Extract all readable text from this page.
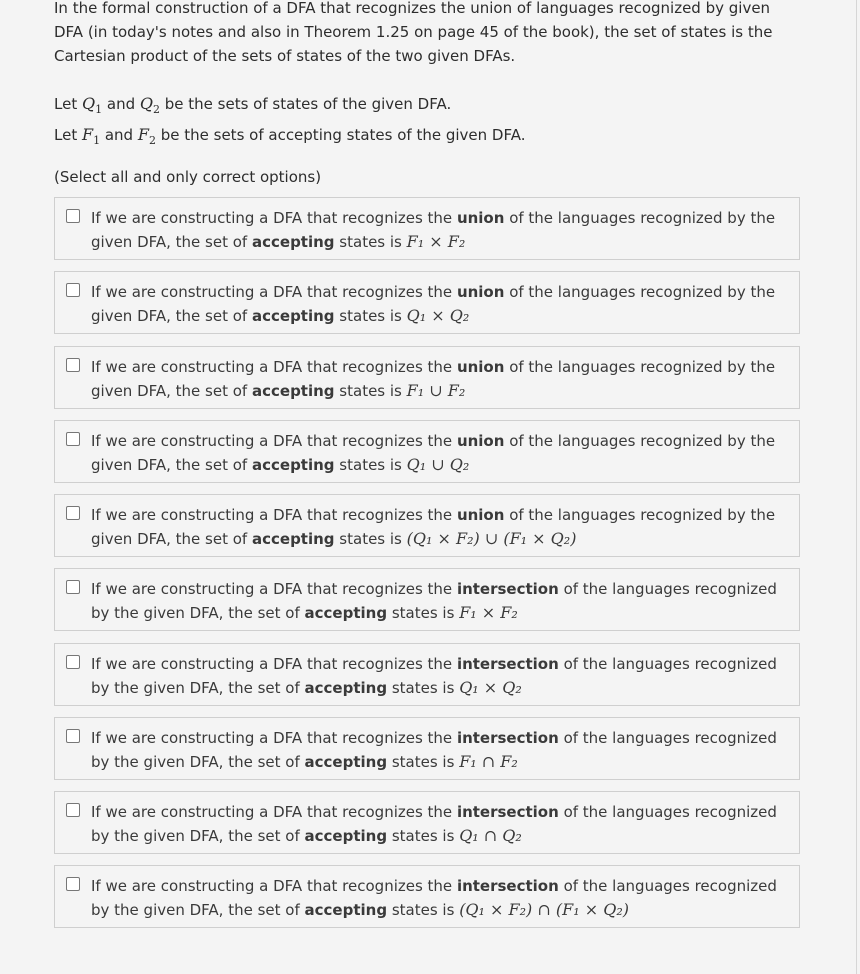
In the formal construction of a DFA that recognizes the union of languages recognized by given DFA (in today's notes and also in Theorem 1.25 on page 45 of the book), the set of states is the Cartesian product of the sets of states of the two given DFAs.

Let $Q_1$ and $Q_2$ be the sets of states of the given DFA.

Let $F_1$ and $F_2$ be the sets of accepting states of the given DFA.

(Select all and only correct options)
If we are constructing a DFA that recognizes the union of the languages recognized by the given DFA, the set of accepting states is F₁ × F₂
If we are constructing a DFA that recognizes the union of the languages recognized by the given DFA, the set of accepting states is Q₁ × Q₂
If we are constructing a DFA that recognizes the union of the languages recognized by the given DFA, the set of accepting states is F₁ ∪ F₂
If we are constructing a DFA that recognizes the union of the languages recognized by the given DFA, the set of accepting states is Q₁ ∪ Q₂
If we are constructing a DFA that recognizes the union of the languages recognized by the given DFA, the set of accepting states is (Q₁ × F₂) ∪ (F₁ × Q₂)
If we are constructing a DFA that recognizes the intersection of the languages recognized by the given DFA, the set of accepting states is F₁ × F₂
If we are constructing a DFA that recognizes the intersection of the languages recognized by the given DFA, the set of accepting states is Q₁ × Q₂
If we are constructing a DFA that recognizes the intersection of the languages recognized by the given DFA, the set of accepting states is F₁ ∩ F₂
If we are constructing a DFA that recognizes the intersection of the languages recognized by the given DFA, the set of accepting states is Q₁ ∩ Q₂
If we are constructing a DFA that recognizes the intersection of the languages recognized by the given DFA, the set of accepting states is (Q₁ × F₂) ∩ (F₁ × Q₂)
